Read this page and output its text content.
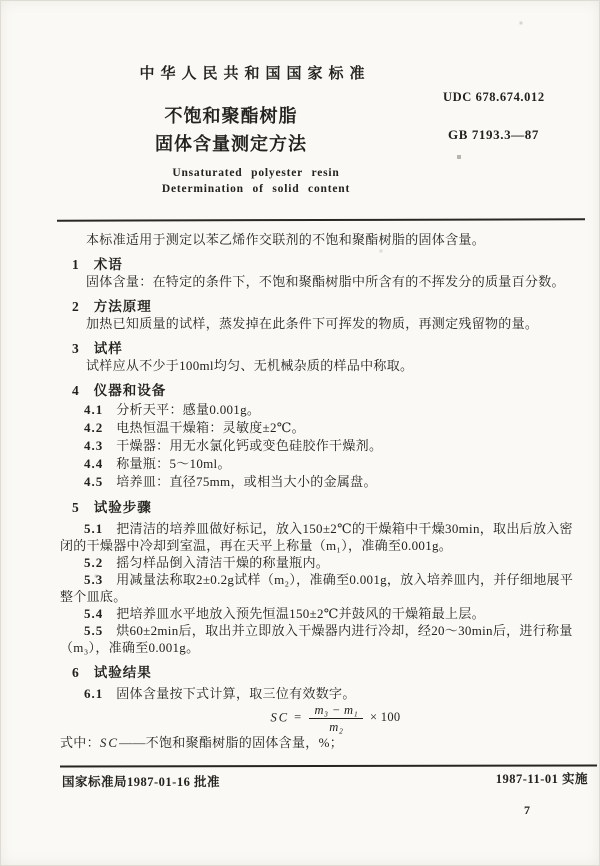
中华人民共和国国家标准
UDC 678.674.012
不饱和聚酯树脂
固体含量测定方法	GB 7193.3—87
Unsaturated polyester resin
Determination of solid content

本标准适用于测定以苯乙烯作交联剂的不饱和聚酯树脂的固体含量。

1 术语

固体含量：在特定的条件下，不饱和聚酯树脂中所含有的不挥发分的质量百分数。

2 方法原理

加热已知质量的试样，蒸发掉在此条件下可挥发的物质，再测定残留物的量。

3 试样

试样应从不少于100ml均匀、无机械杂质的样品中称取。

4 仪器和设备

4.1 分析天平：感量0.001g。

4.2 电热恒温干燥箱：灵敏度±2℃。

4.3 干燥器：用无水氯化钙或变色硅胶作干燥剂。

4.4 称量瓶：5～10ml。

4.5 培养皿：直径75mm，或相当大小的金属盘。

5 试验步骤

5.1 把清洁的培养皿做好标记，放入150±2℃的干燥箱中干燥30min，取出后放入密闭的干燥器中冷却到室温，再在天平上称量（m₁），准确至0.001g。

5.2 摇匀样品倒入清洁干燥的称量瓶内。

5.3 用减量法称取2±0.2g试样（m₂），准确至0.001g，放入培养皿内，并仔细地展平整个皿底。

5.4 把培养皿水平地放入预先恒温150±2℃并鼓风的干燥箱最上层。

5.5 烘60±2min后，取出并立即放入干燥器内进行冷却，经20～30min后，进行称量（m₃），准确至0.001g。

6 试验结果

6.1 固体含量按下式计算，取三位有效数字。

SC = $\frac{\text{m₃ − m₁}}{\text{m₂}} \times 100$

式中：SC——不饱和聚酯树脂的固体含量，%；

国家标准局1987-01-16 批准	1987-11-01 实施
7
